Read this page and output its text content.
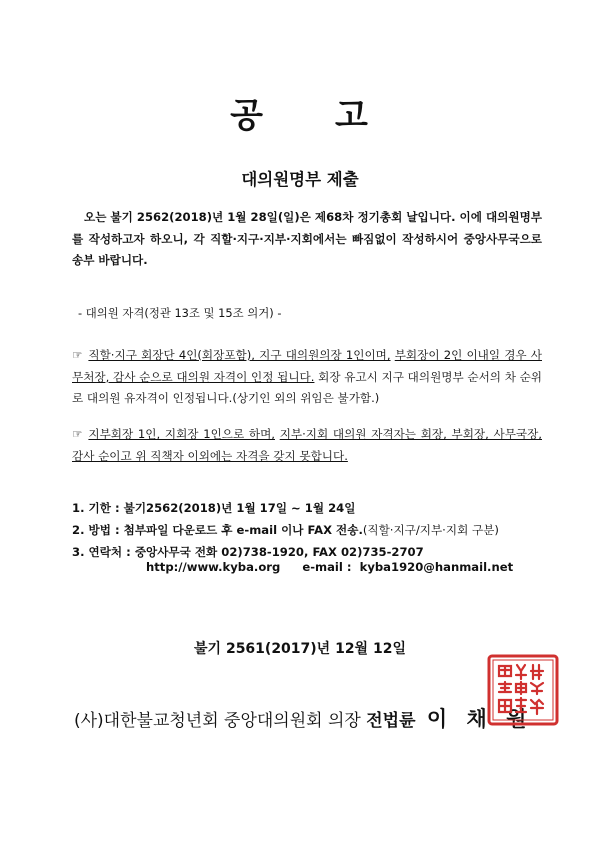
공 고
대의원명부 제출
오는 불기 2562(2018)년 1월 28일(일)은 제68차 정기총회 날입니다. 이에 대의원명부를 작성하고자 하오니, 각 직할·지구·지부·지회에서는 빠짐없이 작성하시어 중앙사무국으로 송부 바랍니다.
- 대의원 자격(정관 13조 및 15조 의거) -
☞ 직할·지구 회장단 4인(회장포함), 지구 대의원의장 1인이며, 부회장이 2인 이내일 경우 사무처장, 감사 순으로 대의원 자격이 인정 됩니다. 회장 유고시 지구 대의원명부 순서의 차 순위로 대의원 유자격이 인정됩니다.(상기인 외의 위임은 불가함.)
☞ 지부회장 1인, 지회장 1인으로 하며, 지부·지회 대의원 자격자는 회장, 부회장, 사무국장, 감사 순이고 위 직책자 이외에는 자격을 갖지 못합니다.
1. 기한 : 불기2562(2018)년 1월 17일 ~ 1월 24일
2. 방법 : 첨부파일 다운로드 후 e-mail 이나 FAX 전송.(직할·지구/지부·지회 구분)
3. 연락처 : 중앙사무국 전화 02)738-1920, FAX 02)735-2707
http://www.kyba.org e-mail : kyba1920@hanmail.net
불기 2561(2017)년 12월 12일
(사)대한불교청년회 중앙대의원회 의장 전법륜 이 채 원
